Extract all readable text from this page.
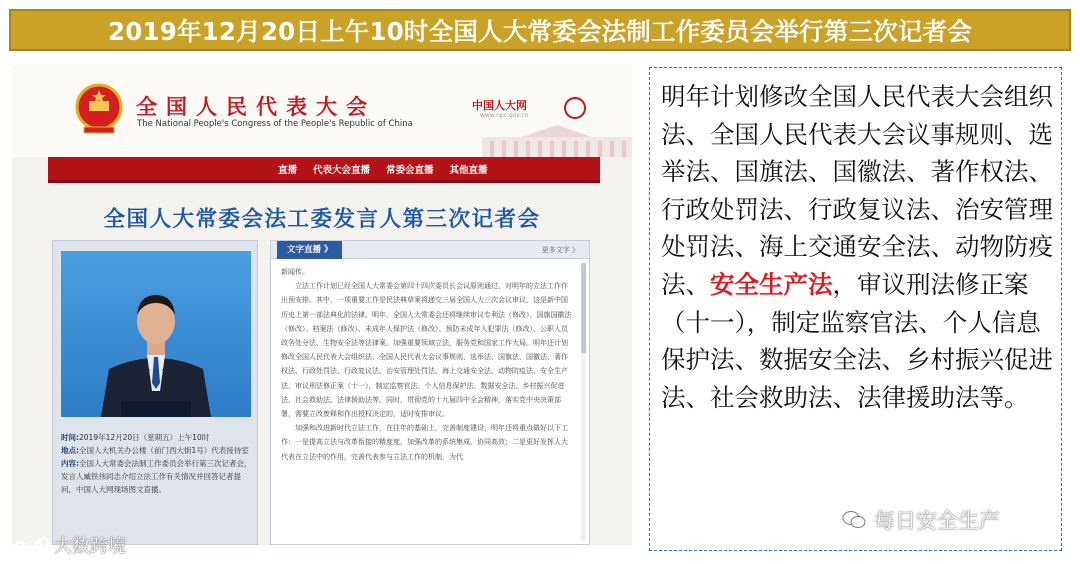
2019年12月20日上午10时全国人大常委会法制工作委员会举行第三次记者会
全国人民代表大会
The National People's Congress of the People's Republic of China
中国人大网
www.npc.gov.cn
直播 代表大会直播 常委会直播 其他直播
全国人大常委会法工委发言人第三次记者会
时间:2019年12月20日（星期五）上午10时
地点:全国人大机关办公楼（前门西大街1号）代表接待室
内容:全国人大常委会法制工作委员会举行第三次记者会，发言人臧铁伟同志介绍立法工作有关情况并回答记者提问，中国人大网现场图文直播。
文字直播 》	更多文字 》

新闻传。

立法工作计划已经全国人大常委会第四十四次委员长会议原则通过，对明年的立法工作作出预安排。其中，一项重要工作是民法典草案将递交三届全国人大三次会议审议，这是新中国历史上第一部法典化的法律。明年，全国人大常委会还将继续审议专利法（修改）、国旗国徽法（修改）、档案法（修改）、未成年人保护法（修改）、预防未成年人犯罪法（修改）、公职人员政务处分法、生物安全法等法律案。加强重要领域立法，服务党和国家工作大局。明年还计划修改全国人民代表大会组织法、全国人民代表大会议事规则、选举法、国旗法、国徽法、著作权法、行政处罚法、行政复议法、治安管理处罚法、海上交通安全法、动物防疫法、安全生产法，审议刑法修正案（十一），制定监察官法、个人信息保护法、数据安全法、乡村振兴促进法、社会救助法、法律援助法等。同时，贯彻党的十九届四中全会精神，落实党中央决策部署，需要立改废释和作出授权决定的，适时安排审议。

加强和改进新时代立法工作，在往年的基础上，完善制度建设，明年还将重点做好以下工作：一是提高立法与改革衔接的精度度，加强改革的系统集成，协同高效；二是更好发挥人大代表在立法中的作用，完善代表参与立法工作的机制，为代

明年计划修改全国人民代表大会组织法、全国人民代表大会议事规则、选举法、国旗法、国徽法、著作权法、行政处罚法、行政复议法、治安管理处罚法、海上交通安全法、动物防疫法、安全生产法，审议刑法修正案（十一），制定监察官法、个人信息保护法、数据安全法、乡村振兴促进法、社会救助法、法律援助法等。
每日安全生产
大数跨境
